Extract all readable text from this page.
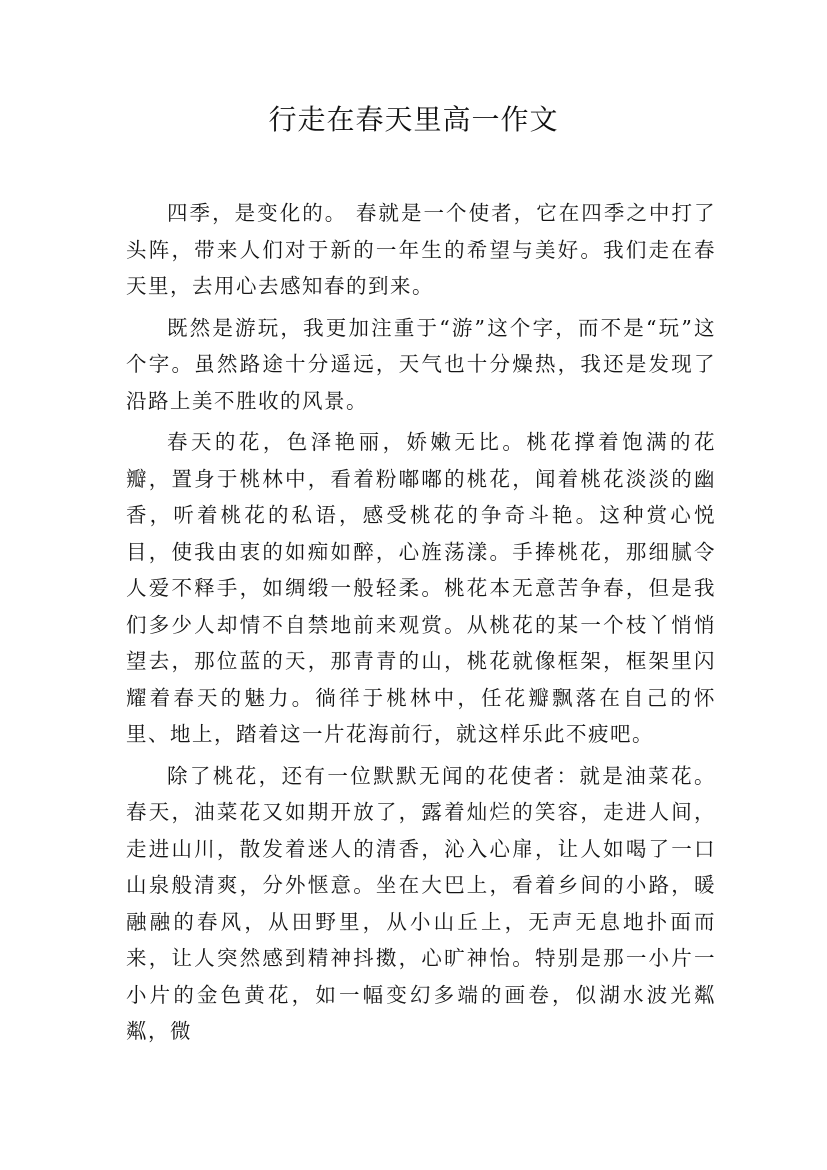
行走在春天里高一作文

四季，是变化的。 春就是一个使者，它在四季之中打了头阵，带来人们对于新的一年生的希望与美好。我们走在春天里，去用心去感知春的到来。

既然是游玩，我更加注重于“游”这个字，而不是“玩”这个字。虽然路途十分遥远，天气也十分燥热，我还是发现了沿路上美不胜收的风景。

春天的花，色泽艳丽，娇嫩无比。桃花撑着饱满的花瓣，置身于桃林中，看着粉嘟嘟的桃花，闻着桃花淡淡的幽香，听着桃花的私语，感受桃花的争奇斗艳。这种赏心悦目，使我由衷的如痴如醉，心旌荡漾。手捧桃花，那细腻令人爱不释手，如绸缎一般轻柔。桃花本无意苦争春，但是我们多少人却情不自禁地前来观赏。从桃花的某一个枝丫悄悄望去，那位蓝的天，那青青的山，桃花就像框架，框架里闪耀着春天的魅力。徜徉于桃林中，任花瓣飘落在自己的怀里、地上，踏着这一片花海前行，就这样乐此不疲吧。

除了桃花，还有一位默默无闻的花使者：就是油菜花。春天，油菜花又如期开放了，露着灿烂的笑容，走进人间，走进山川，散发着迷人的清香，沁入心扉，让人如喝了一口山泉般清爽，分外惬意。坐在大巴上，看着乡间的小路，暖融融的春风，从田野里，从小山丘上，无声无息地扑面而来，让人突然感到精神抖擞，心旷神怡。特别是那一小片一小片的金色黄花，如一幅变幻多端的画卷，似湖水波光粼粼，微
